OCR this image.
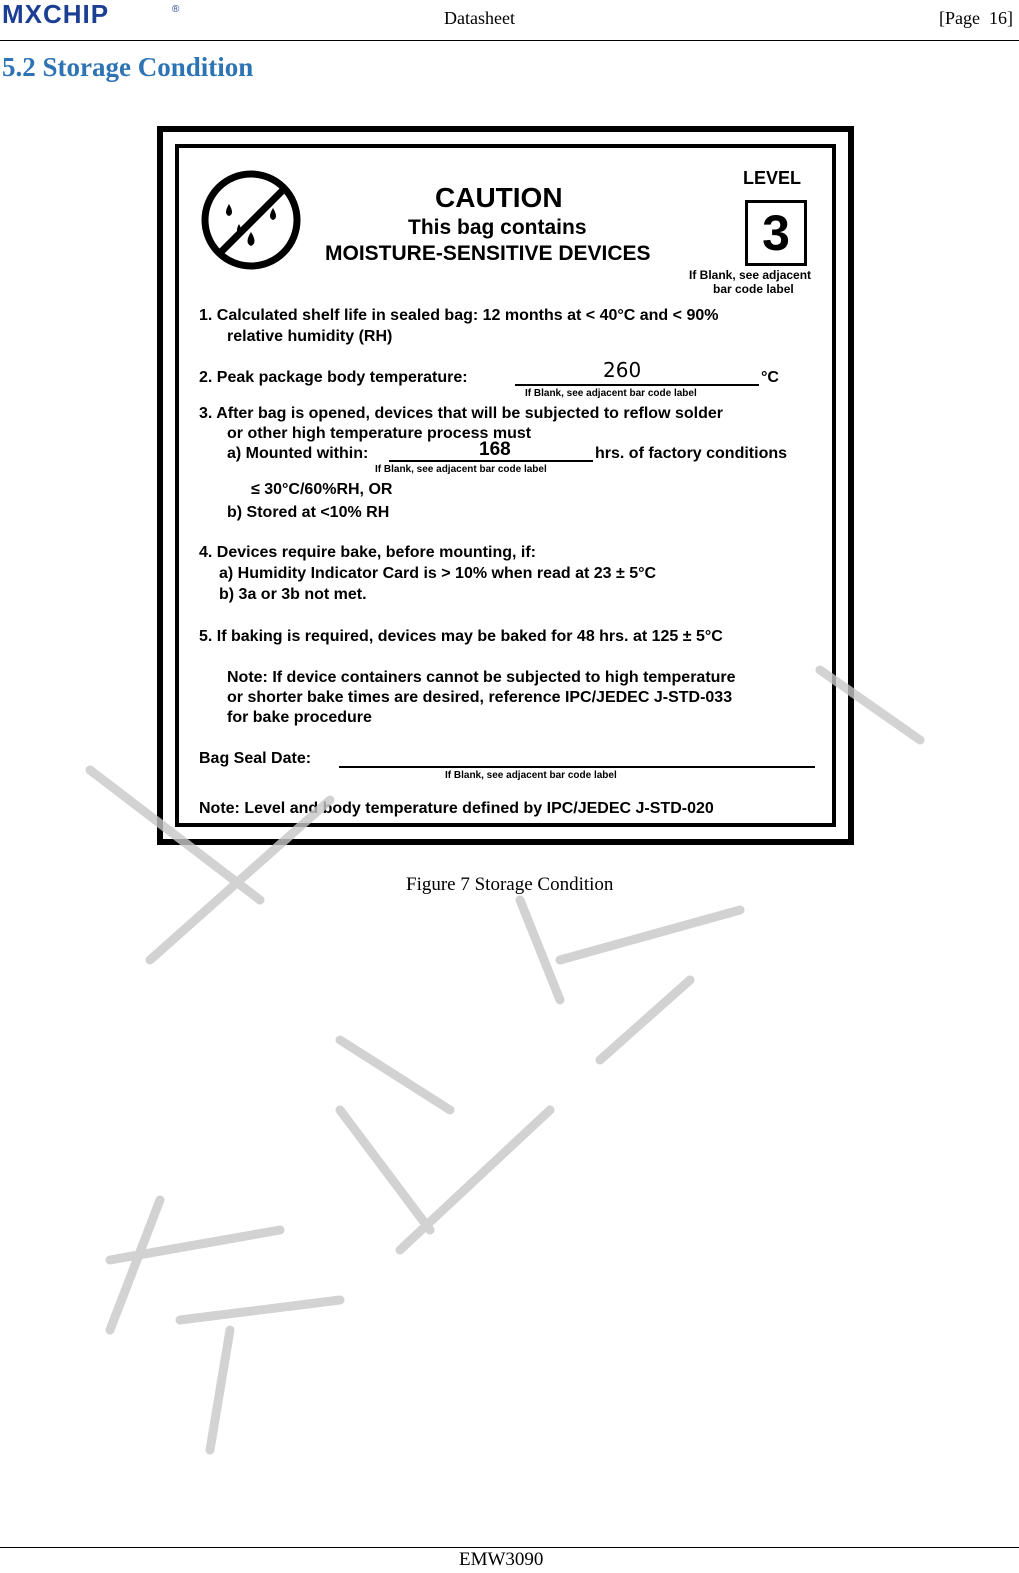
MXCHIP	®	Datasheet	[Page  16]
5.2 Storage Condition
CAUTION
This bag contains
MOISTURE-SENSITIVE DEVICES
LEVEL
3
If Blank, see adjacent
bar code label
1. Calculated shelf life in sealed bag: 12 months at < 40°C and < 90%
relative humidity (RH)
2. Peak package body temperature:	260	°C
If Blank, see adjacent bar code label
3. After bag is opened, devices that will be subjected to reflow solder
or other high temperature process must
a) Mounted within:	168	hrs. of factory conditions
If Blank, see adjacent bar code label
≤ 30°C/60%RH, OR
b) Stored at <10% RH
4. Devices require bake, before mounting, if:
a) Humidity Indicator Card is > 10% when read at 23 ± 5°C
b) 3a or 3b not met.
5. If baking is required, devices may be baked for 48 hrs. at 125 ± 5°C
Note: If device containers cannot be subjected to high temperature
or shorter bake times are desired, reference IPC/JEDEC J-STD-033
for bake procedure
Bag Seal Date:
If Blank, see adjacent bar code label
Note: Level and body temperature defined by IPC/JEDEC J-STD-020
Figure 7 Storage Condition
EMW3090
